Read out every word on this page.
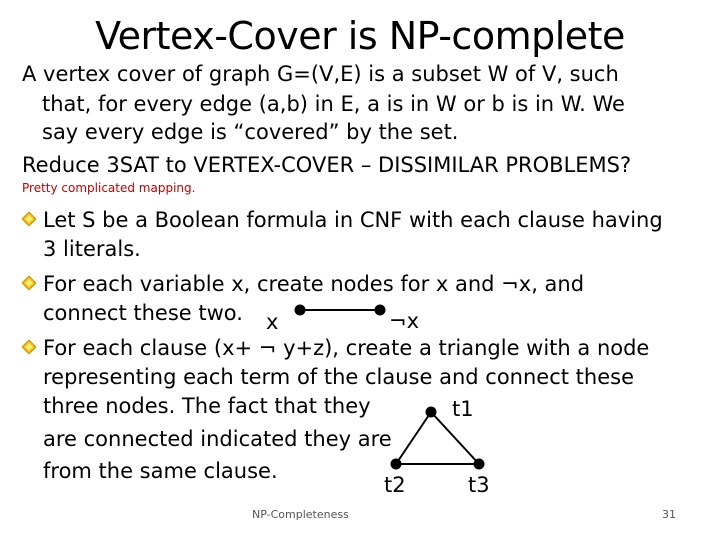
Vertex-Cover is NP-complete
A vertex cover of graph G=(V,E) is a subset W of V, such
that, for every edge (a,b) in E, a is in W or b is in W. We
say every edge is “covered” by the set.
Reduce 3SAT to VERTEX-COVER – DISSIMILAR PROBLEMS?
Pretty complicated mapping.
Let S be a Boolean formula in CNF with each clause having
3 literals.
For each variable x, create nodes for x and ¬x, and
connect these two.
For each clause (x+ ¬ y+z), create a triangle with a node
representing each term of the clause and connect these
three nodes. The fact that they
are connected indicated they are
from the same clause.
x	¬x
t1
t2	t3
NP-Completeness	31
